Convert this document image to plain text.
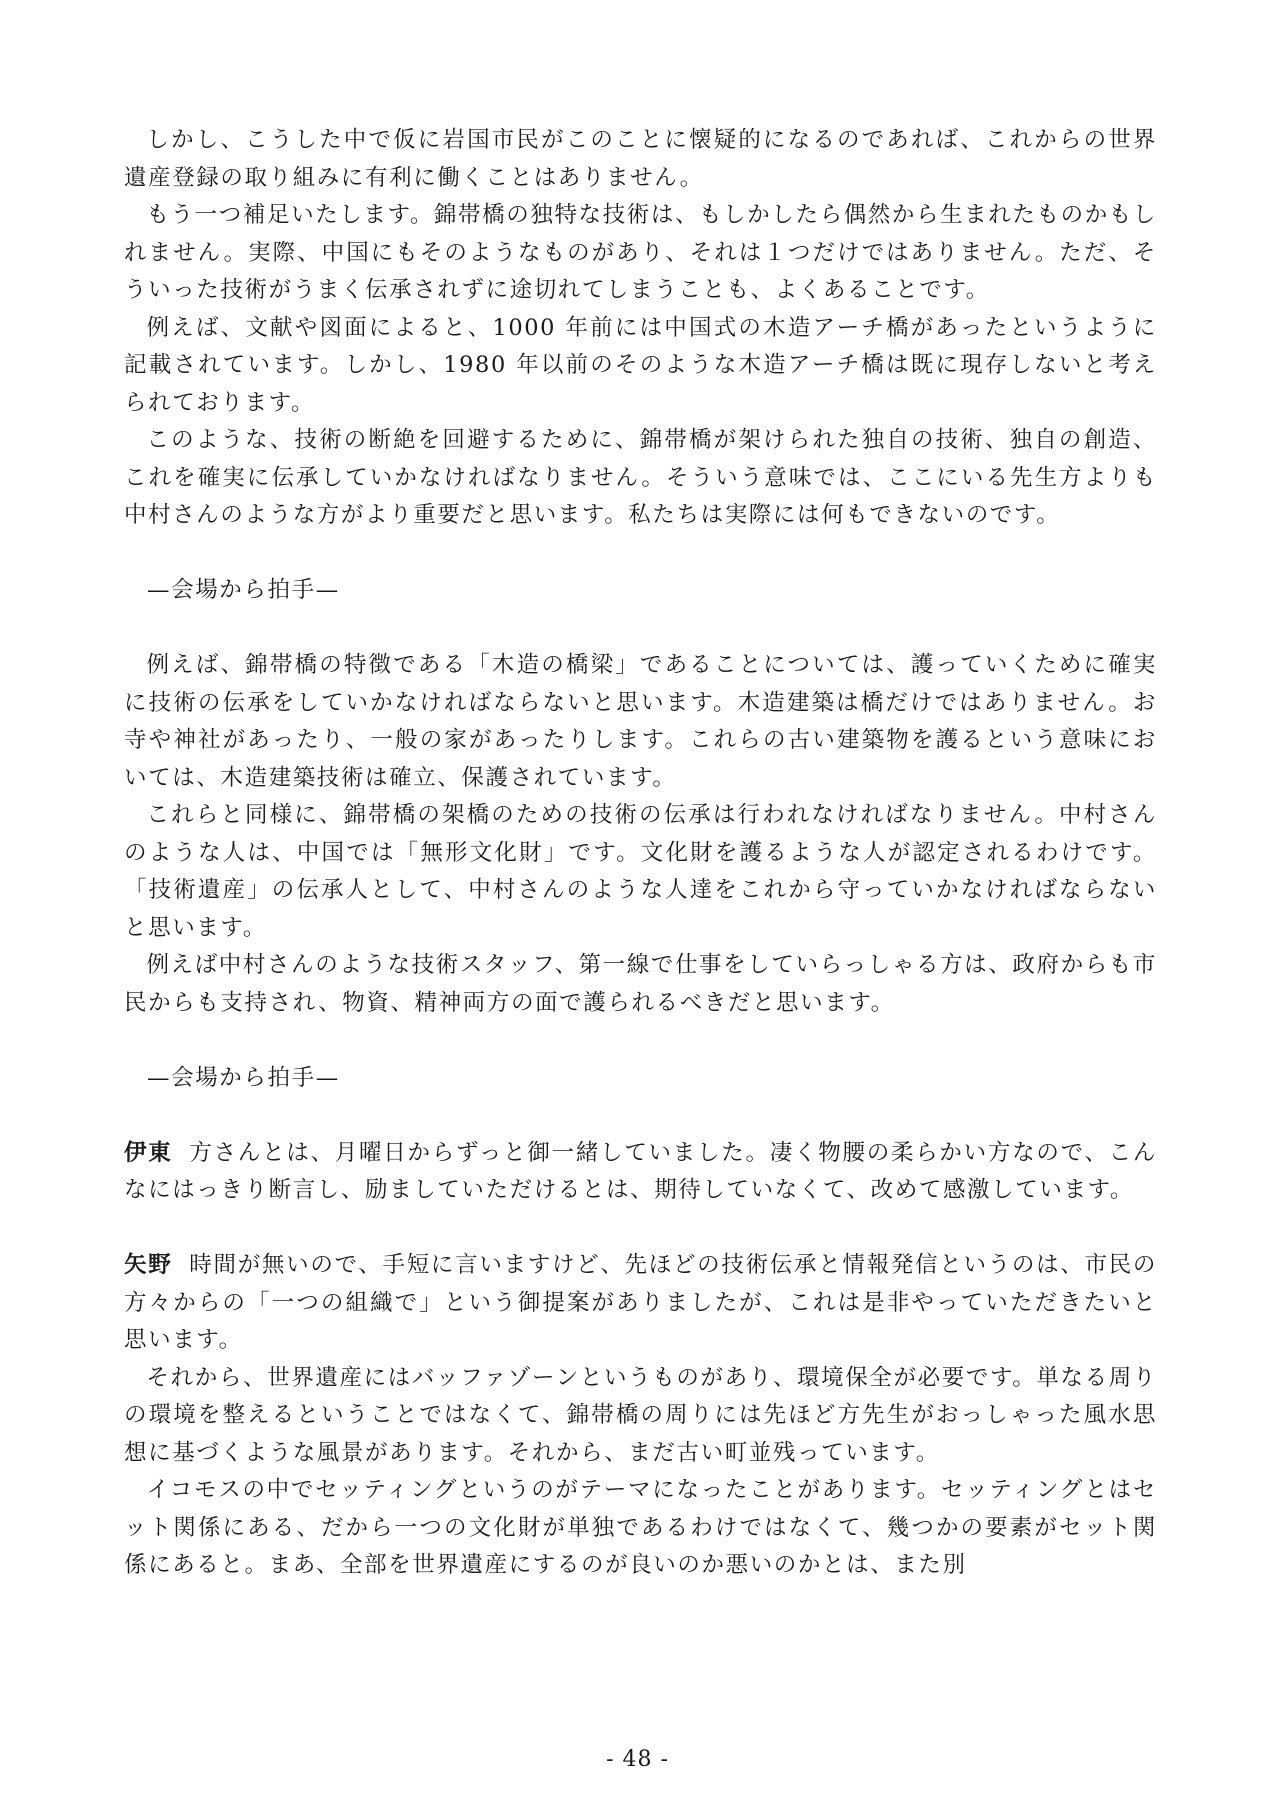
しかし、こうした中で仮に岩国市民がこのことに懐疑的になるのであれば、これからの世界遺産登録の取り組みに有利に働くことはありません。

もう一つ補足いたします。錦帯橋の独特な技術は、もしかしたら偶然から生まれたものかもしれません。実際、中国にもそのようなものがあり、それは１つだけではありません。ただ、そういった技術がうまく伝承されずに途切れてしまうことも、よくあることです。

例えば、文献や図面によると、1000 年前には中国式の木造アーチ橋があったというように記載されています。しかし、1980 年以前のそのような木造アーチ橋は既に現存しないと考えられております。

このような、技術の断絶を回避するために、錦帯橋が架けられた独自の技術、独自の創造、これを確実に伝承していかなければなりません。そういう意味では、ここにいる先生方よりも中村さんのような方がより重要だと思います。私たちは実際には何もできないのです。

—会場から拍手—

例えば、錦帯橋の特徴である「木造の橋梁」であることについては、護っていくために確実に技術の伝承をしていかなければならないと思います。木造建築は橋だけではありません。お寺や神社があったり、一般の家があったりします。これらの古い建築物を護るという意味においては、木造建築技術は確立、保護されています。

これらと同様に、錦帯橋の架橋のための技術の伝承は行われなければなりません。中村さんのような人は、中国では「無形文化財」です。文化財を護るような人が認定されるわけです。「技術遺産」の伝承人として、中村さんのような人達をこれから守っていかなければならないと思います。

例えば中村さんのような技術スタッフ、第一線で仕事をしていらっしゃる方は、政府からも市民からも支持され、物資、精神両方の面で護られるべきだと思います。

—会場から拍手—

伊東 方さんとは、月曜日からずっと御一緒していました。凄く物腰の柔らかい方なので、こんなにはっきり断言し、励ましていただけるとは、期待していなくて、改めて感激しています。

矢野 時間が無いので、手短に言いますけど、先ほどの技術伝承と情報発信というのは、市民の方々からの「一つの組織で」という御提案がありましたが、これは是非やっていただきたいと思います。

それから、世界遺産にはバッファゾーンというものがあり、環境保全が必要です。単なる周りの環境を整えるということではなくて、錦帯橋の周りには先ほど方先生がおっしゃった風水思想に基づくような風景があります。それから、まだ古い町並残っています。

イコモスの中でセッティングというのがテーマになったことがあります。セッティングとはセット関係にある、だから一つの文化財が単独であるわけではなくて、幾つかの要素がセット関係にあると。まあ、全部を世界遺産にするのが良いのか悪いのかとは、また別

- 48 -
